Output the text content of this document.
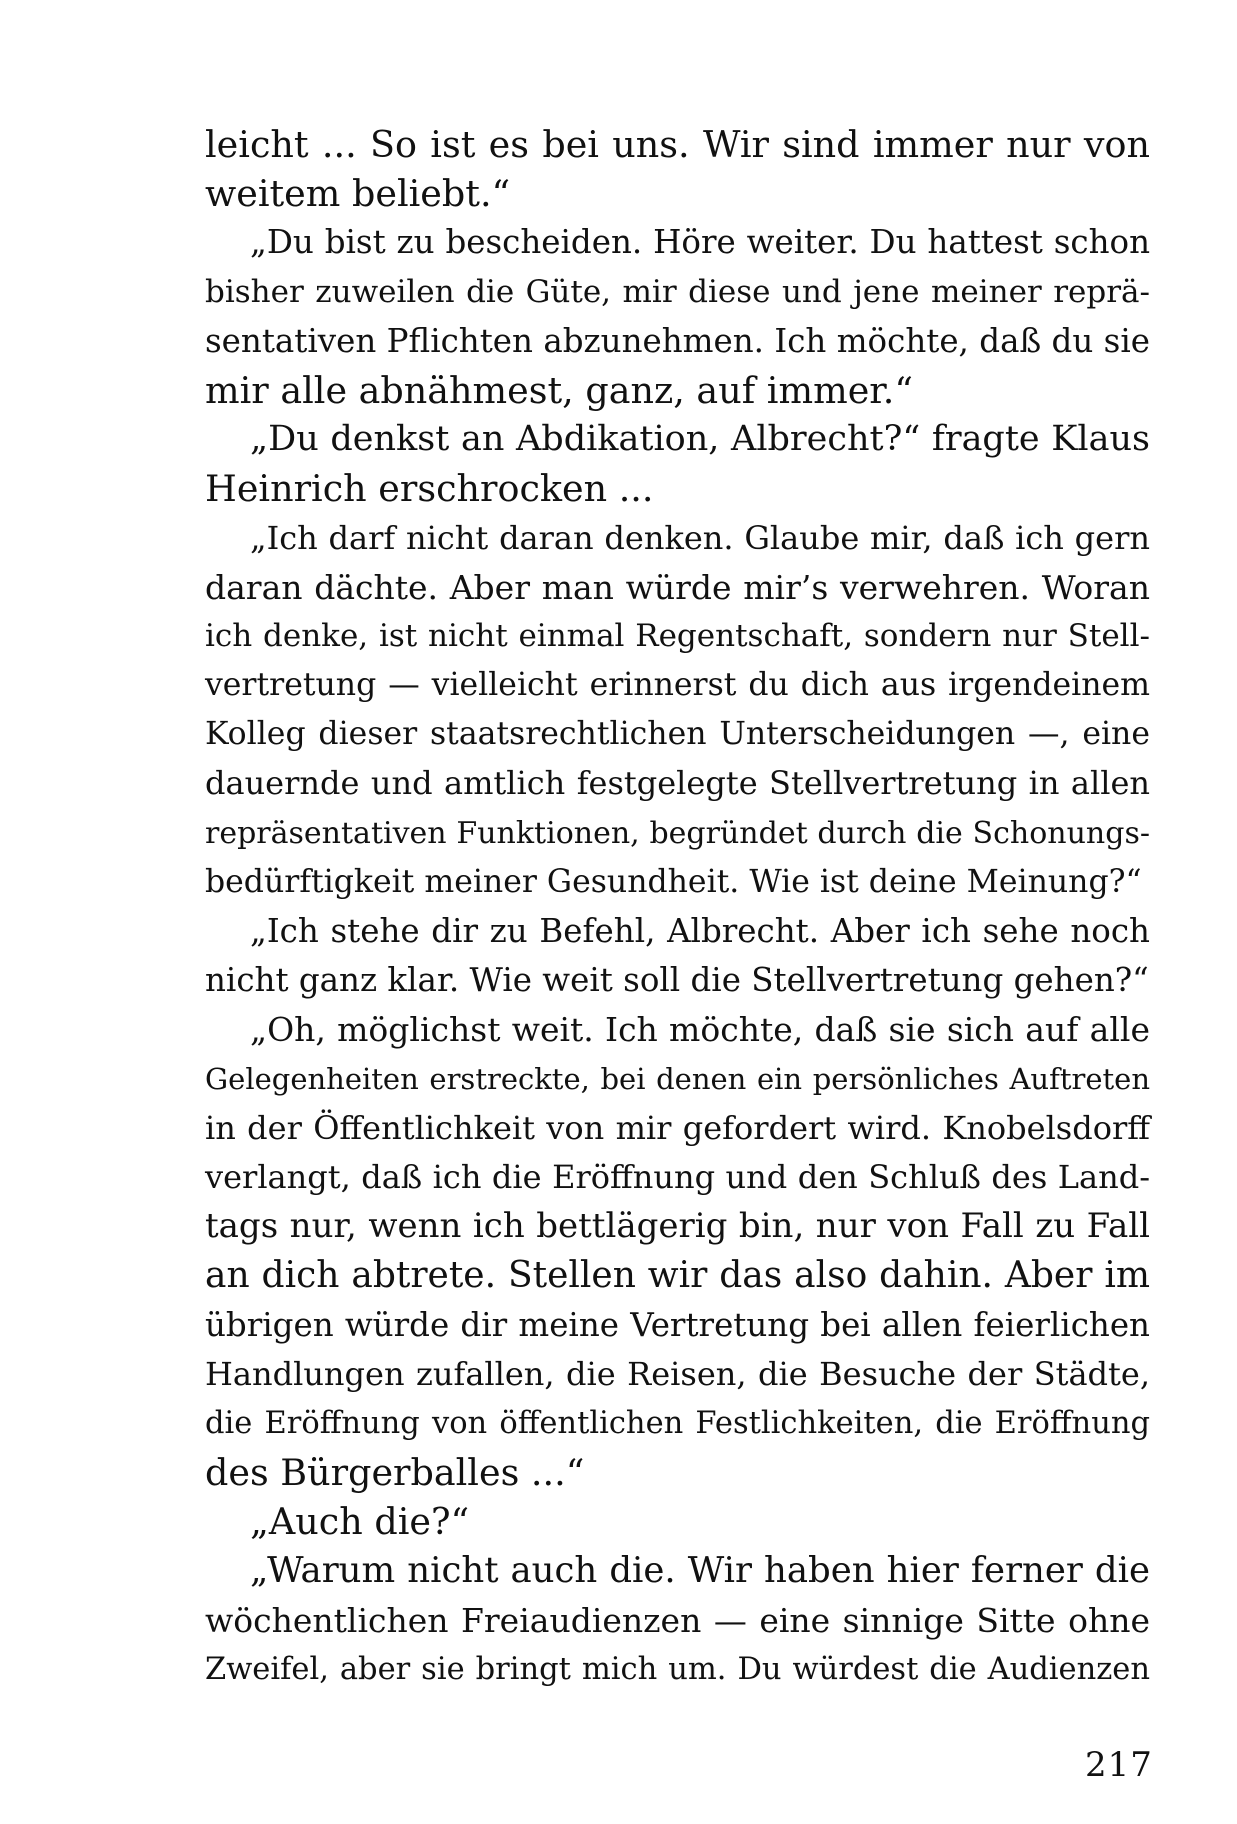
leicht ... So ist es bei uns. Wir sind immer nur von
weitem beliebt.“
„Du bist zu bescheiden. Höre weiter. Du hattest schon
bisher zuweilen die Güte, mir diese und jene meiner reprä-
sentativen Pflichten abzunehmen. Ich möchte, daß du sie
mir alle abnähmest, ganz, auf immer.“
„Du denkst an Abdikation, Albrecht?“ fragte Klaus
Heinrich erschrocken ...
„Ich darf nicht daran denken. Glaube mir, daß ich gern
daran dächte. Aber man würde mir’s verwehren. Woran
ich denke, ist nicht einmal Regentschaft, sondern nur Stell-
vertretung — vielleicht erinnerst du dich aus irgendeinem
Kolleg dieser staatsrechtlichen Unterscheidungen —, eine
dauernde und amtlich festgelegte Stellvertretung in allen
repräsentativen Funktionen, begründet durch die Schonungs-
bedürftigkeit meiner Gesundheit. Wie ist deine Meinung?“
„Ich stehe dir zu Befehl, Albrecht. Aber ich sehe noch
nicht ganz klar. Wie weit soll die Stellvertretung gehen?“
„Oh, möglichst weit. Ich möchte, daß sie sich auf alle
Gelegenheiten erstreckte, bei denen ein persönliches Auftreten
in der Öffentlichkeit von mir gefordert wird. Knobelsdorff
verlangt, daß ich die Eröffnung und den Schluß des Land-
tags nur, wenn ich bettlägerig bin, nur von Fall zu Fall
an dich abtrete. Stellen wir das also dahin. Aber im
übrigen würde dir meine Vertretung bei allen feierlichen
Handlungen zufallen, die Reisen, die Besuche der Städte,
die Eröffnung von öffentlichen Festlichkeiten, die Eröffnung
des Bürgerballes ...“
„Auch die?“
„Warum nicht auch die. Wir haben hier ferner die
wöchentlichen Freiaudienzen — eine sinnige Sitte ohne
Zweifel, aber sie bringt mich um. Du würdest die Audienzen
217
